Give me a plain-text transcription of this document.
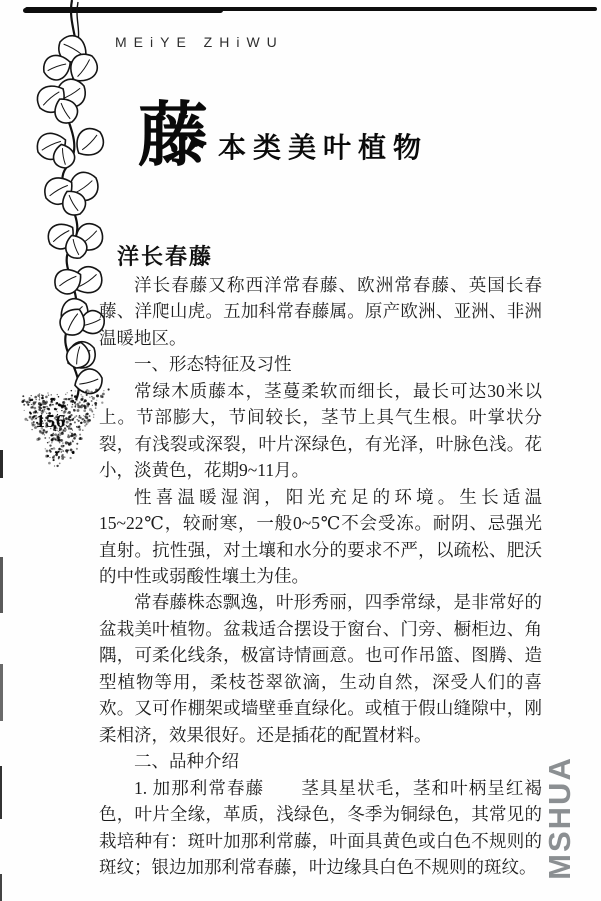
MEiYE ZHiWU
藤 本类美叶植物
156
洋长春藤

洋长春藤又称西洋常春藤、欧洲常春藤、英国长春藤、洋爬山虎。五加科常春藤属。原产欧洲、亚洲、非洲温暖地区。

一、形态特征及习性

常绿木质藤本，茎蔓柔软而细长，最长可达30米以上。节部膨大，节间较长，茎节上具气生根。叶掌状分裂，有浅裂或深裂，叶片深绿色，有光泽，叶脉色浅。花小，淡黄色，花期9~11月。

性喜温暖湿润，阳光充足的环境。生长适温15~22℃，较耐寒，一般0~5℃不会受冻。耐阴、忌强光直射。抗性强，对土壤和水分的要求不严，以疏松、肥沃的中性或弱酸性壤土为佳。

常春藤株态飘逸，叶形秀丽，四季常绿，是非常好的盆栽美叶植物。盆栽适合摆设于窗台、门旁、橱柜边、角隅，可柔化线条，极富诗情画意。也可作吊篮、图腾、造型植物等用，柔枝苍翠欲滴，生动自然，深受人们的喜欢。又可作棚架或墙壁垂直绿化。或植于假山缝隙中，刚柔相济，效果很好。还是插花的配置材料。

二、品种介绍

1. 加那利常春藤　　茎具星状毛，茎和叶柄呈红褐色，叶片全缘，革质，浅绿色，冬季为铜绿色，其常见的栽培种有：斑叶加那利常藤，叶面具黄色或白色不规则的斑纹；银边加那利常春藤，叶边缘具白色不规则的斑纹。 MSHUA
